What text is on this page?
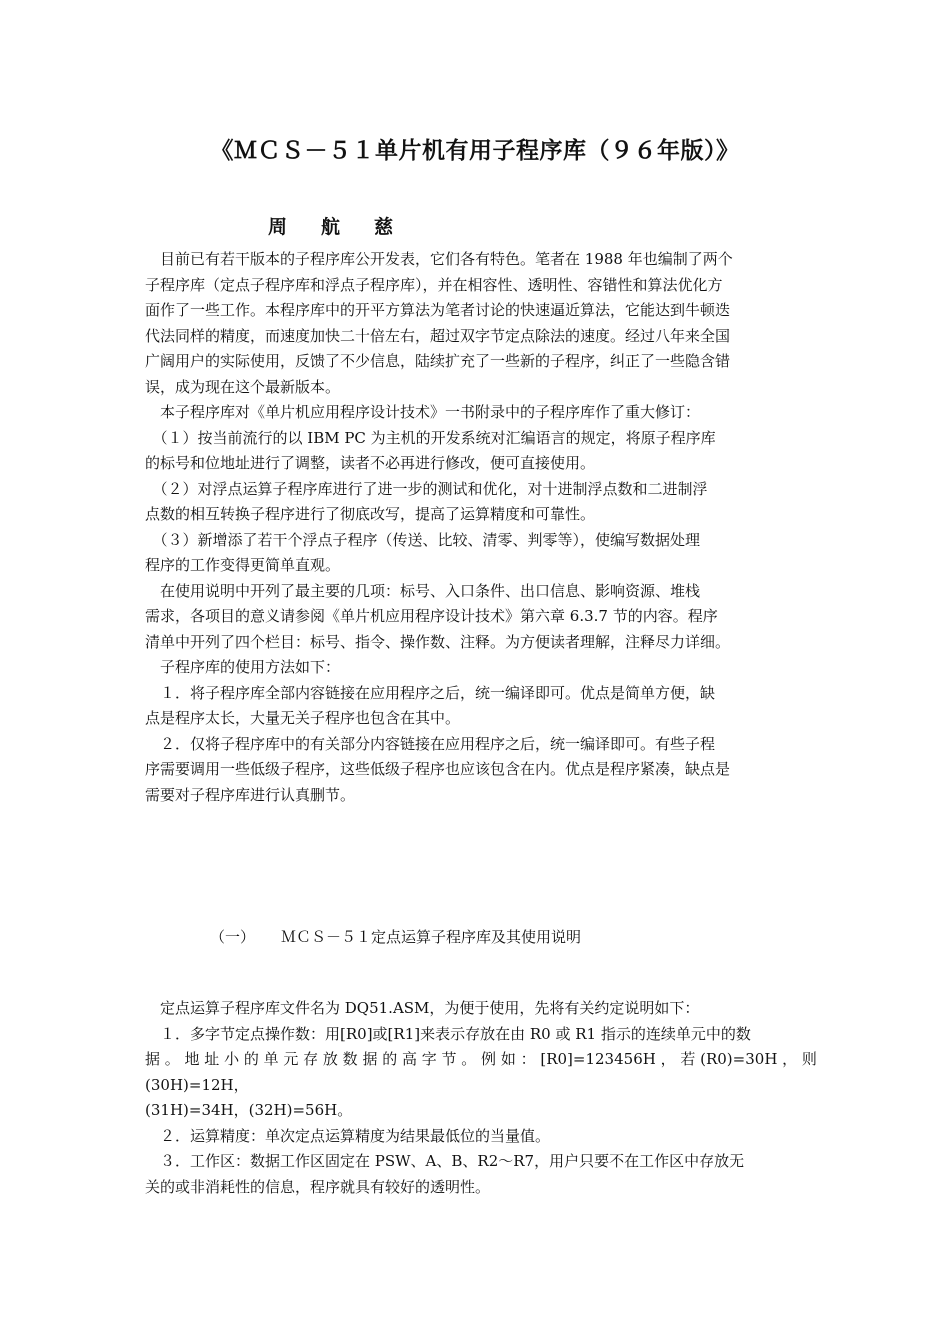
《ＭＣＳ－５１单片机有用子程序库（９６年版）》
周航慈
　目前已有若干版本的子程序库公开发表，它们各有特色。笔者在 1988 年也编制了两个
子程序库（定点子程序库和浮点子程序库），并在相容性、透明性、容错性和算法优化方
面作了一些工作。本程序库中的开平方算法为笔者讨论的快速逼近算法，它能达到牛顿迭
代法同样的精度，而速度加快二十倍左右，超过双字节定点除法的速度。经过八年来全国
广阔用户的实际使用，反馈了不少信息，陆续扩充了一些新的子程序，纠正了一些隐含错
误，成为现在这个最新版本。
　本子程序库对《单片机应用程序设计技术》一书附录中的子程序库作了重大修订：
　（１）按当前流行的以 IBM PC 为主机的开发系统对汇编语言的规定，将原子程序库
的标号和位地址进行了调整，读者不必再进行修改，便可直接使用。
　（２）对浮点运算子程序库进行了进一步的测试和优化，对十进制浮点数和二进制浮
点数的相互转换子程序进行了彻底改写，提高了运算精度和可靠性。
　（３）新增添了若干个浮点子程序（传送、比较、清零、判零等），使编写数据处理
程序的工作变得更简单直观。
　在使用说明中开列了最主要的几项：标号、入口条件、出口信息、影响资源、堆栈
需求，各项目的意义请参阅《单片机应用程序设计技术》第六章 6.3.7 节的内容。程序
清单中开列了四个栏目：标号、指令、操作数、注释。为方便读者理解，注释尽力详细。
　子程序库的使用方法如下：
　１．将子程序库全部内容链接在应用程序之后，统一编译即可。优点是简单方便，缺
点是程序太长，大量无关子程序也包含在其中。
　２．仅将子程序库中的有关部分内容链接在应用程序之后，统一编译即可。有些子程
序需要调用一些低级子程序，这些低级子程序也应该包含在内。优点是程序紧凑，缺点是
需要对子程序库进行认真删节。
（一） ＭＣＳ－５１定点运算子程序库及其使用说明
　定点运算子程序库文件名为 DQ51.ASM，为便于使用，先将有关约定说明如下：
　１．多字节定点操作数：用[R0]或[R1]来表示存放在由 R0 或 R1 指示的连续单元中的数
据 。 地 址 小 的 单 元 存 放 数 据 的 高 字 节 。 例 如 ： [R0]=123456H ， 若 (R0)=30H ， 则
(30H)=12H，
(31H)=34H，(32H)=56H。
　２．运算精度：单次定点运算精度为结果最低位的当量值。
　３．工作区：数据工作区固定在 PSW、A、B、R2～R7，用户只要不在工作区中存放无
关的或非消耗性的信息，程序就具有较好的透明性。
